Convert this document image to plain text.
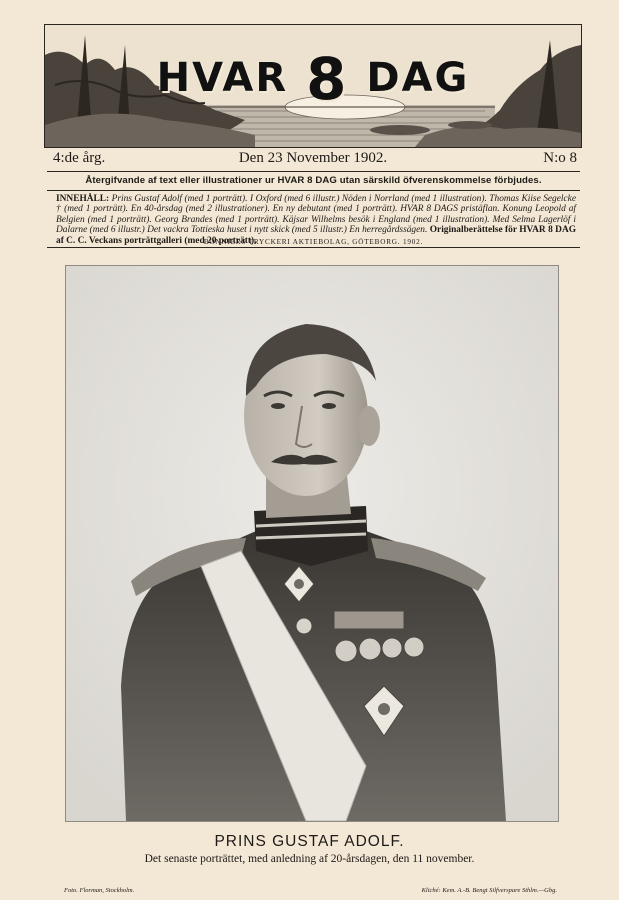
HVAR 8 DAG
4:de årg.	Den 23 November 1902.	N:o 8
Återgifvande af text eller illustrationer ur HVAR 8 DAG utan särskild öfverenskommelse förbjudes.
INNEHÅLL: Prins Gustaf Adolf (med 1 porträtt). I Oxford (med 6 illustr.) Nöden i Norrland (med 1 illustration). Thomas Kiise Segelcke † (med 1 porträtt). En 40-årsdag (med 2 illustrationer). En ny debutant (med 1 porträtt). HVAR 8 DAGS pristäflan. Konung Leopold af Belgien (med 1 porträtt). Georg Brandes (med 1 porträtt). Käjsar Wilhelms besök i England (med 1 illustration). Med Selma Lagerlöf i Dalarne (med 6 illustr.) Det vackra Tottieska huset i nytt skick (med 5 illustr.) En herregårdssägen. Originalberättelse för HVAR 8 DAG af C. C. Veckans porträttgalleri (med 20 porträtt),
BONNIERS TRYCKERI AKTIEBOLAG, GÖTEBORG. 1902.
PRINS GUSTAF ADOLF.
Det senaste porträttet, med anledning af 20-årsdagen, den 11 november.
Foto. Florman, Stockholm.	Kliché: Kem. A.-B. Bengt Silfverspare Sthlm.—Gbg.
